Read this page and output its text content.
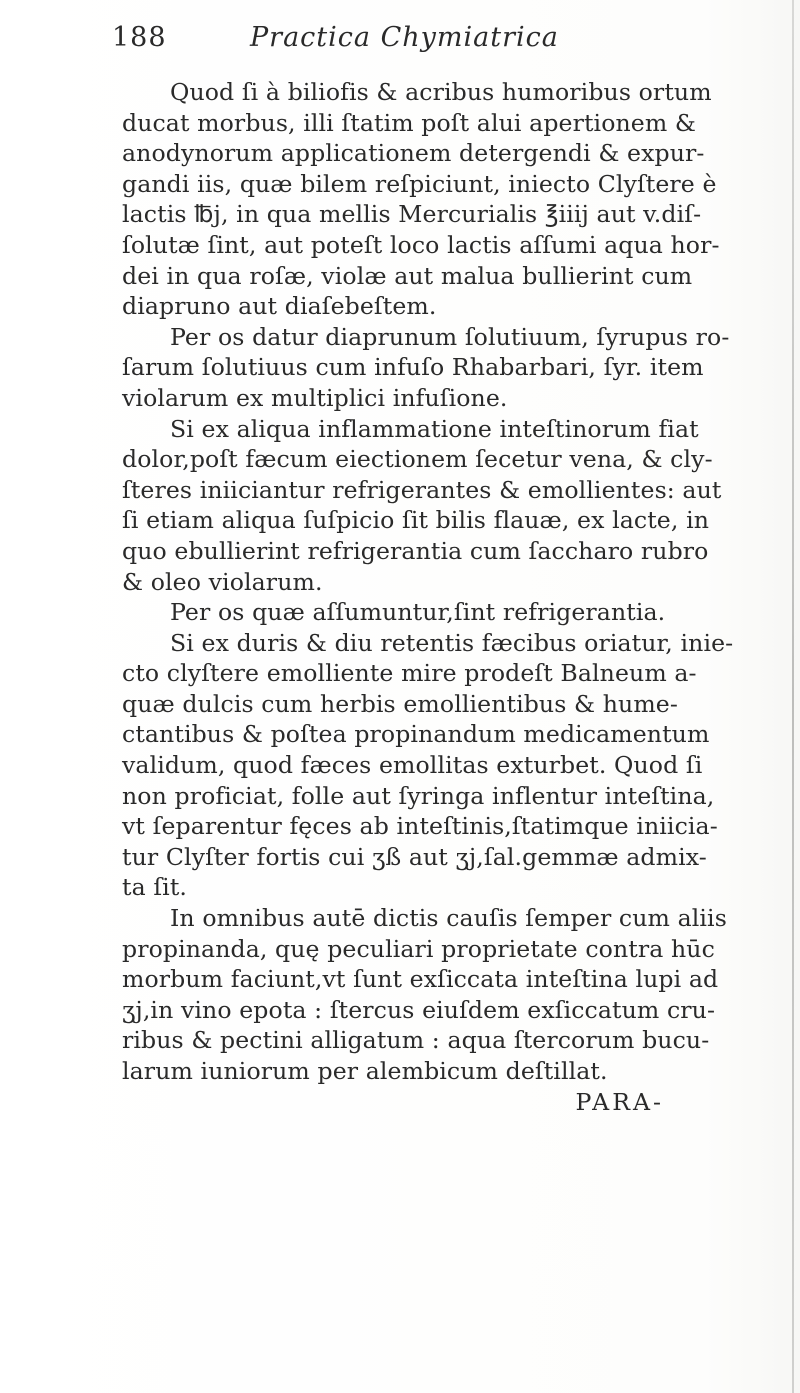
188	Practica Chymiatrica
Quod ſi à biliofis & acribus humoribus ortum
ducat morbus, illi ſtatim poſt alui apertionem &
anodynorum applicationem detergendi & expur-
gandi iis, quæ bilem reſpiciunt, iniecto Clyſtere è
lactis ℔j, in qua mellis Mercurialis ℥iiij aut v.diſ-
ſolutæ ſint, aut poteſt loco lactis aſſumi aqua hor-
dei in qua roſæ, violæ aut malua bullierint cum
diapruno aut diaſebeſtem.
Per os datur diaprunum ſolutiuum, ſyrupus ro-
ſarum ſolutiuus cum infuſo Rhabarbari, ſyr. item
violarum ex multiplici infuſione.
Si ex aliqua inflammatione inteſtinorum fiat
dolor,poſt fæcum eiectionem ſecetur vena, & cly-
ſteres iniiciantur refrigerantes & emollientes: aut
ſi etiam aliqua ſuſpicio ſit bilis flauæ, ex lacte, in
quo ebullierint refrigerantia cum ſaccharo rubro
& oleo violarum.
Per os quæ aſſumuntur,ſint refrigerantia.
Si ex duris & diu retentis fæcibus oriatur, inie-
cto clyſtere emolliente mire prodeſt Balneum a-
quæ dulcis cum herbis emollientibus & hume-
ctantibus & poſtea propinandum medicamentum
validum, quod fæces emollitas exturbet. Quod ſi
non proficiat, folle aut ſyringa inflentur inteſtina,
vt ſeparentur fęces ab inteſtinis,ſtatimque iniicia-
tur Clyſter fortis cui ʒß aut ʒj,ſal.gemmæ admix-
ta ſit.
In omnibus autē dictis cauſis ſemper cum aliis
propinanda, quę peculiari proprietate contra hūc
morbum faciunt,vt ſunt exſiccata inteſtina lupi ad
ʒj,in vino epota : ſtercus eiuſdem exſiccatum cru-
ribus & pectini alligatum : aqua ſtercorum bucu-
larum iuniorum per alembicum deſtillat.
PARA-
